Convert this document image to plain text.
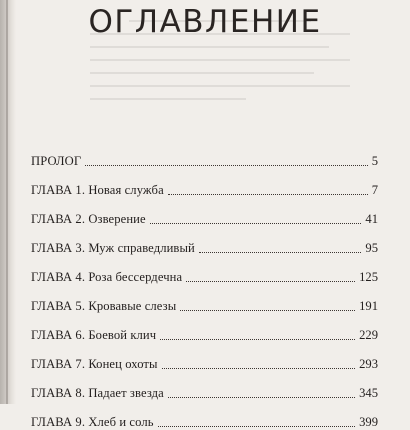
ОГЛАВЛЕНИЕ
ПРОЛОГ	5
ГЛАВА 1. Новая служба	7
ГЛАВА 2. Озверение	41
ГЛАВА 3. Муж справедливый	95
ГЛАВА 4. Роза бессердечна	125
ГЛАВА 5. Кровавые слезы	191
ГЛАВА 6. Боевой клич	229
ГЛАВА 7. Конец охоты	293
ГЛАВА 8. Падает звезда	345
ГЛАВА 9. Хлеб и соль	399
